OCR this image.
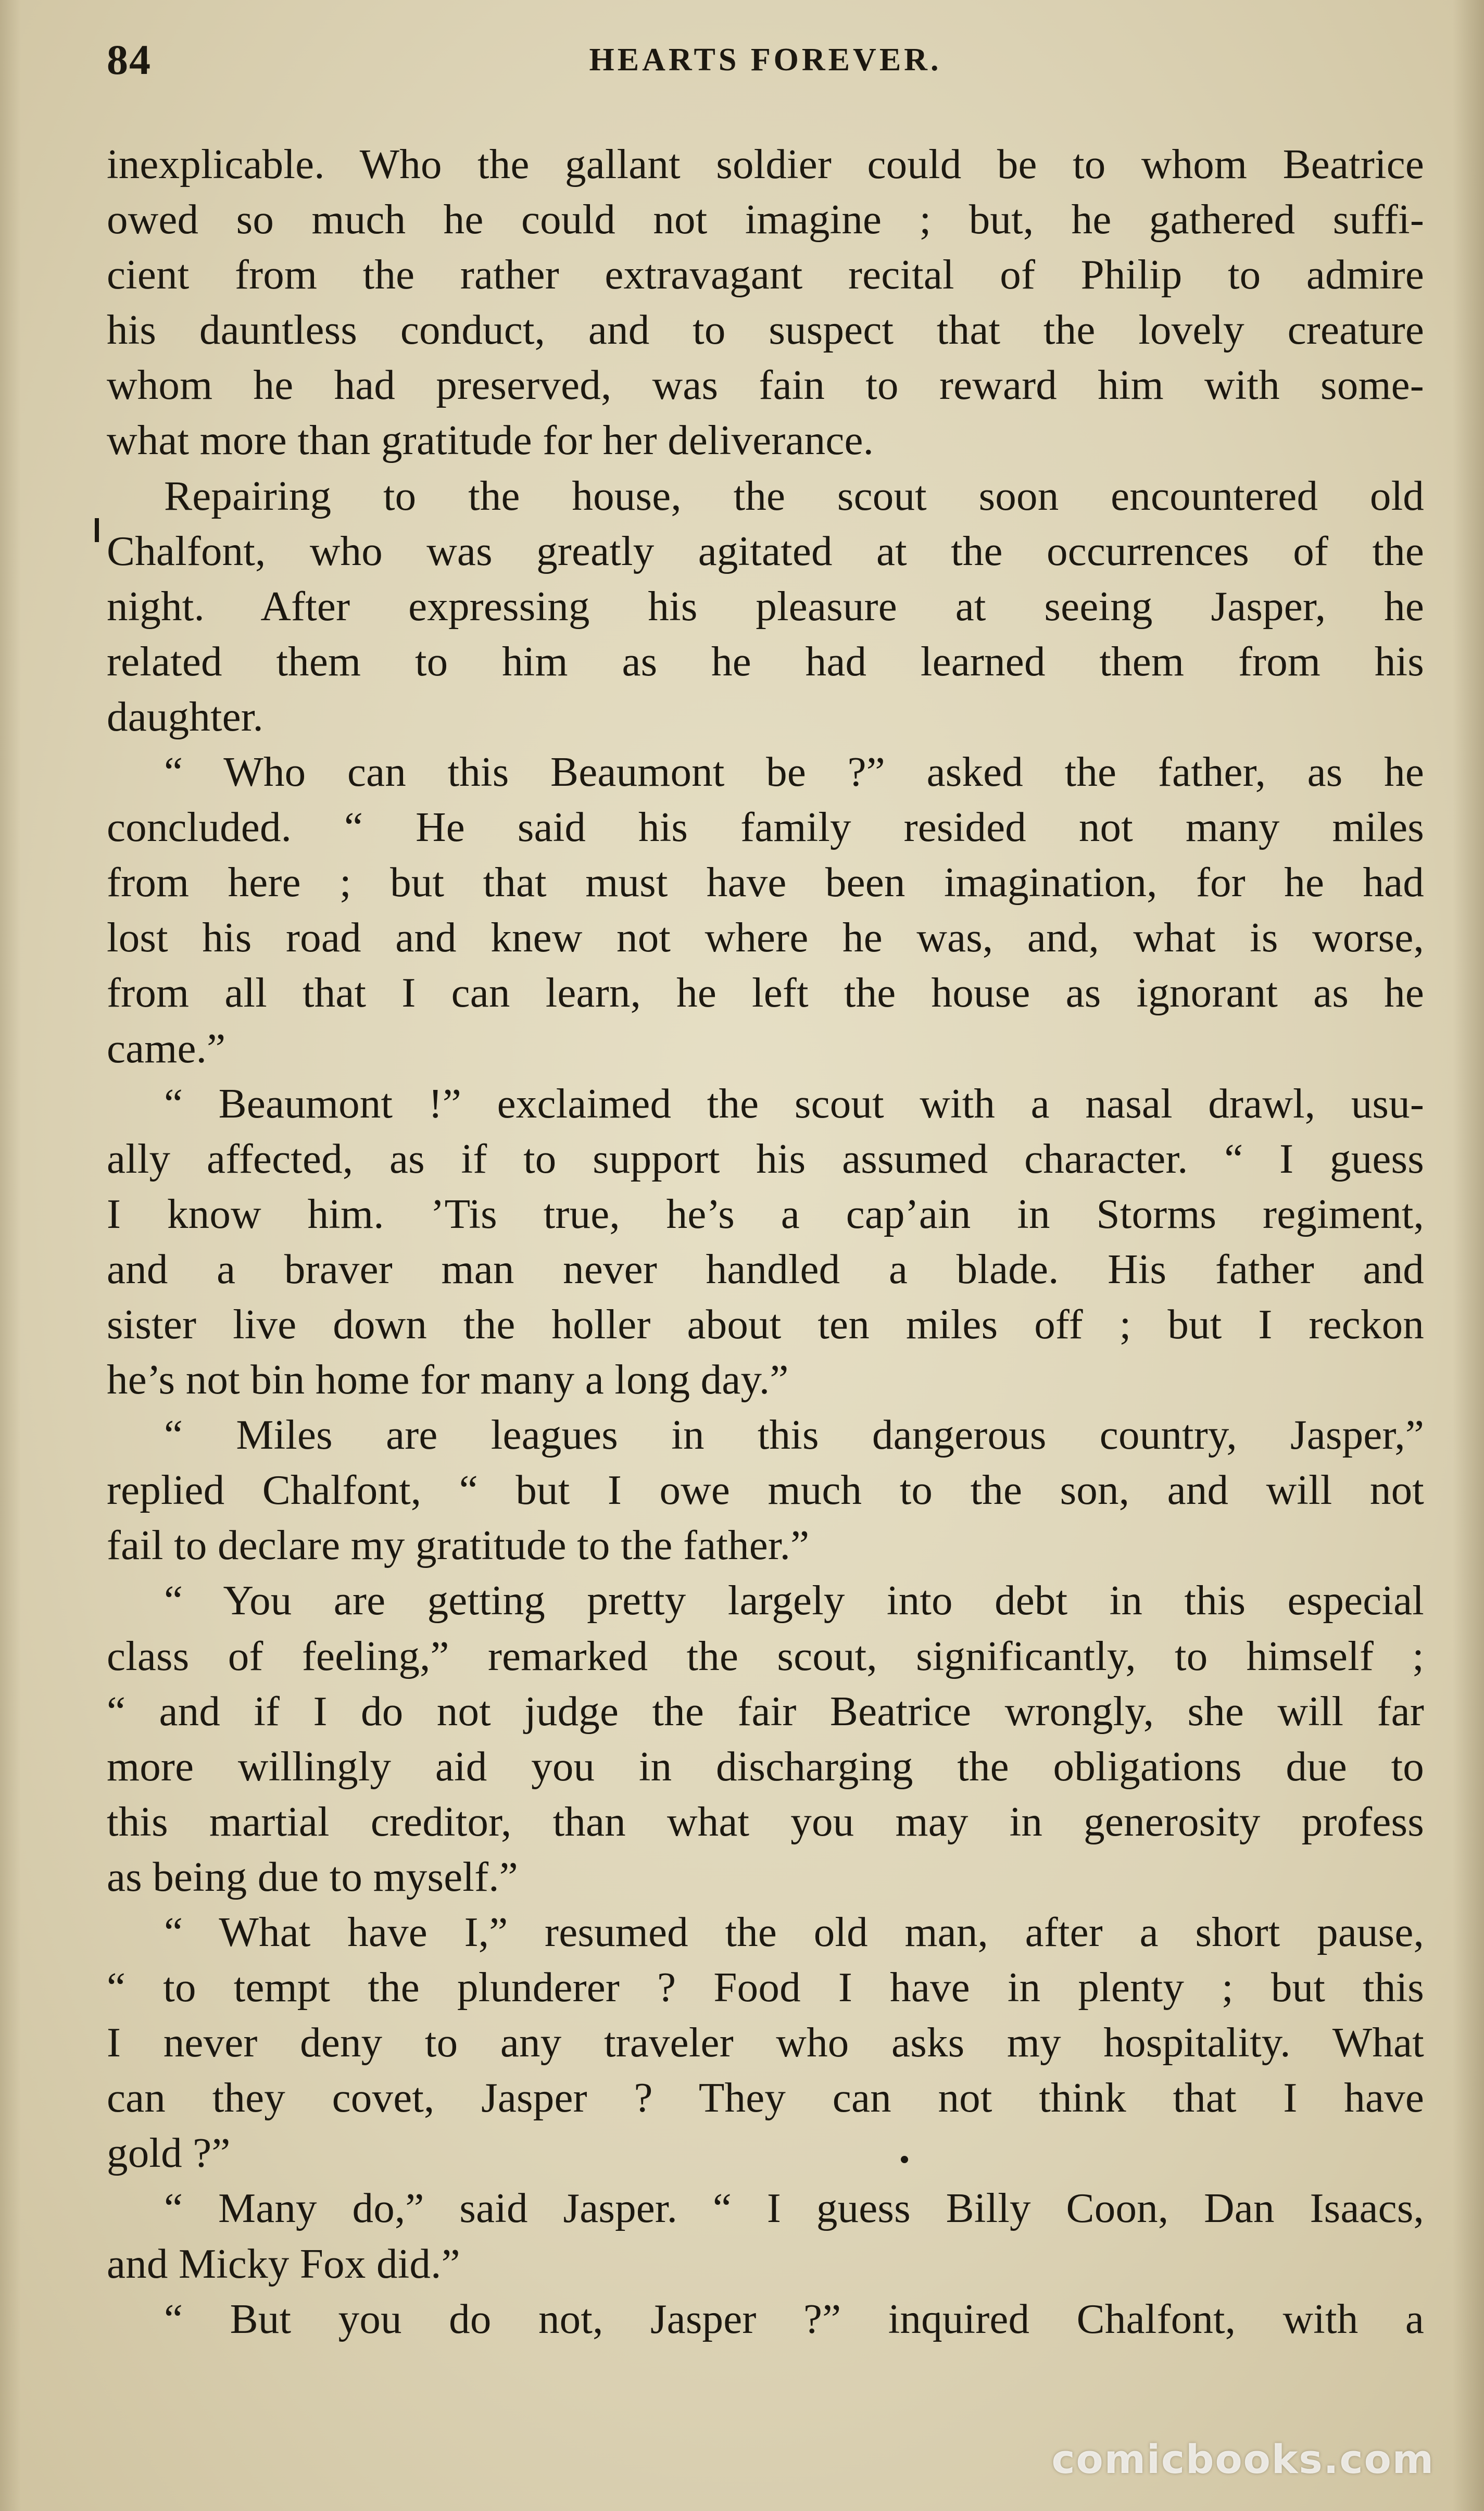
84	HEARTS FOREVER.
inexplicable. Who the gallant soldier could be to whom Beatrice
owed so much he could not imagine ; but, he gathered suffi-
cient from the rather extravagant recital of Philip to admire
his dauntless conduct, and to suspect that the lovely creature
whom he had preserved, was fain to reward him with some-
what more than gratitude for her deliverance.
Repairing to the house, the scout soon encountered old
Chalfont, who was greatly agitated at the occurrences of the
night. After expressing his pleasure at seeing Jasper, he
related them to him as he had learned them from his
daughter.
“ Who can this Beaumont be ?” asked the father, as he
concluded. “ He said his family resided not many miles
from here ; but that must have been imagination, for he had
lost his road and knew not where he was, and, what is worse,
from all that I can learn, he left the house as ignorant as he
came.”
“ Beaumont !” exclaimed the scout with a nasal drawl, usu-
ally affected, as if to support his assumed character. “ I guess
I know him. ’Tis true, he’s a cap’ain in Storms regiment,
and a braver man never handled a blade. His father and
sister live down the holler about ten miles off ; but I reckon
he’s not bin home for many a long day.”
“ Miles are leagues in this dangerous country, Jasper,”
replied Chalfont, “ but I owe much to the son, and will not
fail to declare my gratitude to the father.”
“ You are getting pretty largely into debt in this especial
class of feeling,” remarked the scout, significantly, to himself ;
“ and if I do not judge the fair Beatrice wrongly, she will far
more willingly aid you in discharging the obligations due to
this martial creditor, than what you may in generosity profess
as being due to myself.”
“ What have I,” resumed the old man, after a short pause,
“ to tempt the plunderer ? Food I have in plenty ; but this
I never deny to any traveler who asks my hospitality. What
can they covet, Jasper ? They can not think that I have
gold ?”
“ Many do,” said Jasper. “ I guess Billy Coon, Dan Isaacs,
and Micky Fox did.”
“ But you do not, Jasper ?” inquired Chalfont, with a
comicbooks.com
